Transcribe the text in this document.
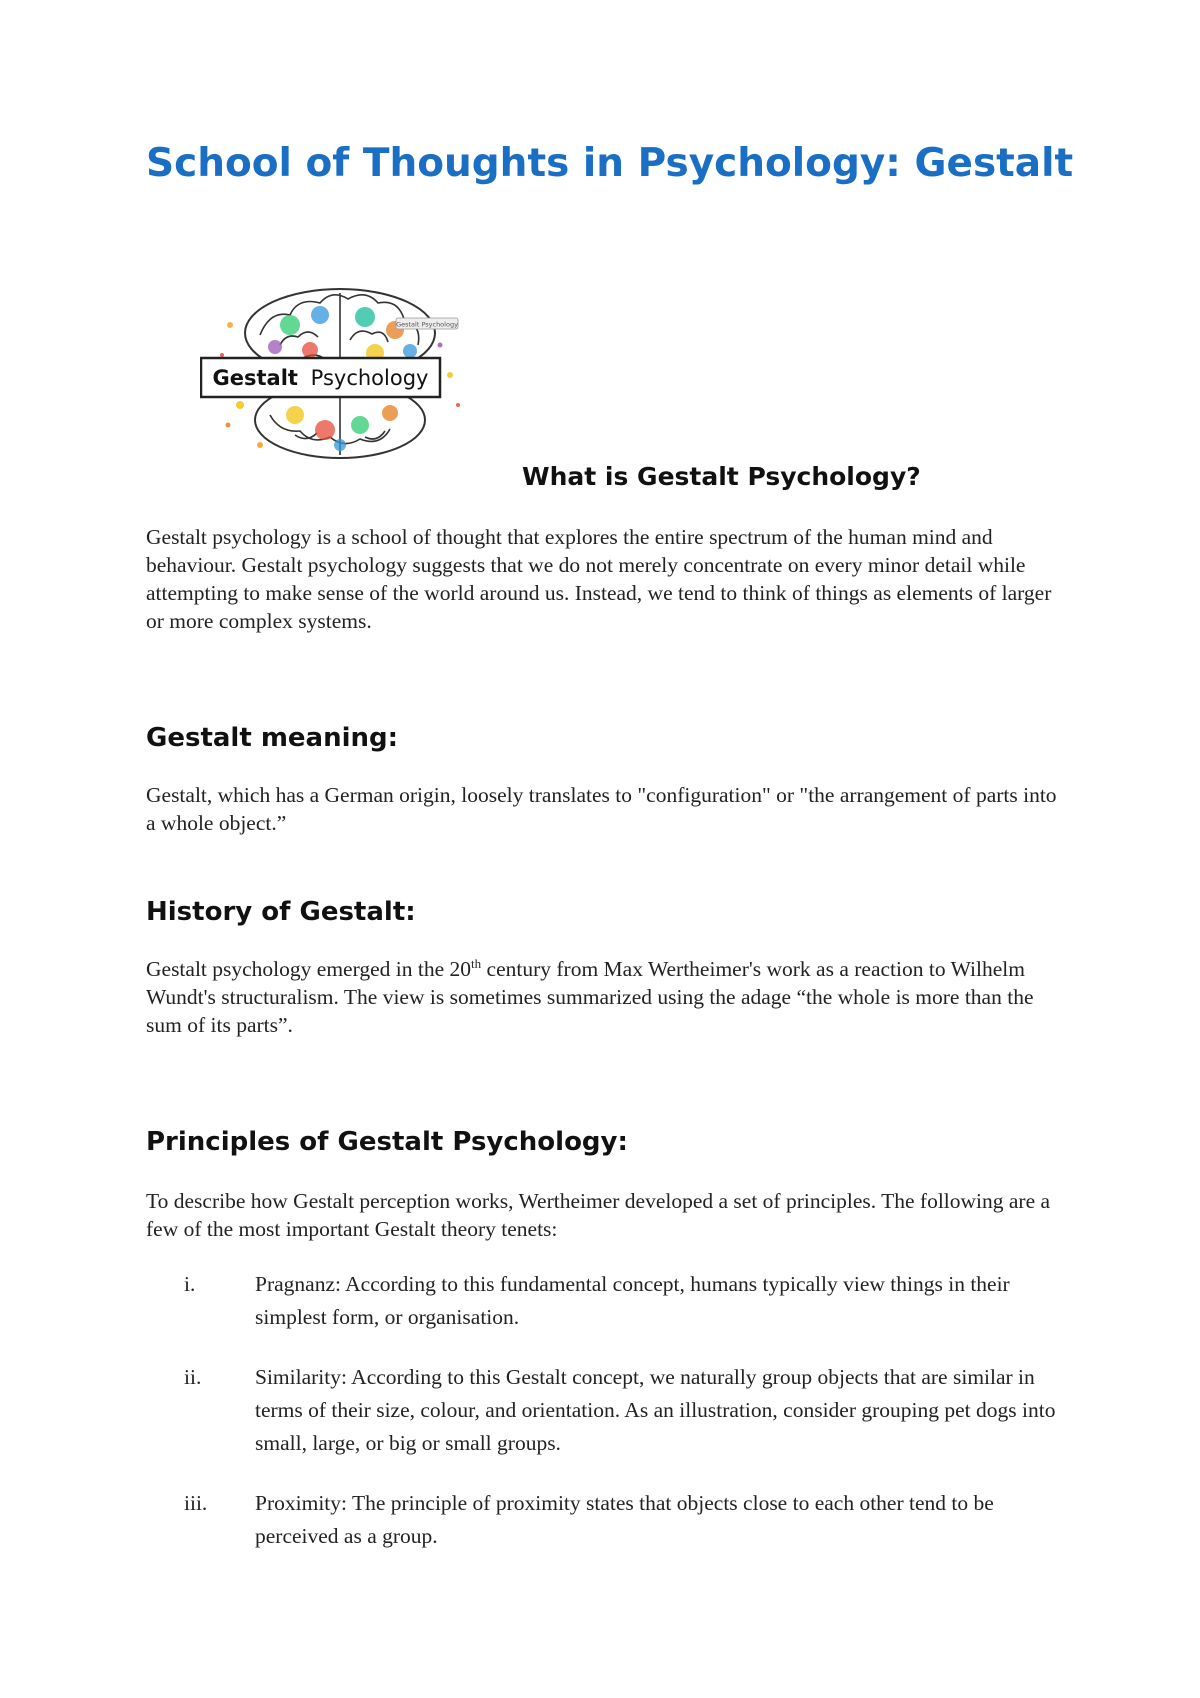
School of Thoughts in Psychology: Gestalt
Gestalt Psychology
Gestalt Psychology
What is Gestalt Psychology?

Gestalt psychology is a school of thought that explores the entire spectrum of the human mind and behaviour. Gestalt psychology suggests that we do not merely concentrate on every minor detail while attempting to make sense of the world around us. Instead, we tend to think of things as elements of larger or more complex systems.

Gestalt meaning:

Gestalt, which has a German origin, loosely translates to "configuration" or "the arrangement of parts into a whole object.”

History of Gestalt:

Gestalt psychology emerged in the 20th century from Max Wertheimer's work as a reaction to Wilhelm Wundt's structuralism. The view is sometimes summarized using the adage “the whole is more than the sum of its parts”.

Principles of Gestalt Psychology:

To describe how Gestalt perception works, Wertheimer developed a set of principles. The following are a few of the most important Gestalt theory tenets:

i.	Pragnanz: According to this fundamental concept, humans typically view things in their simplest form, or organisation.
ii. Similarity: According to this Gestalt concept, we naturally group objects that are similar in terms of their size, colour, and orientation. As an illustration, consider grouping pet dogs into small, large, or big or small groups.
iii. Proximity: The principle of proximity states that objects close to each other tend to be perceived as a group.
